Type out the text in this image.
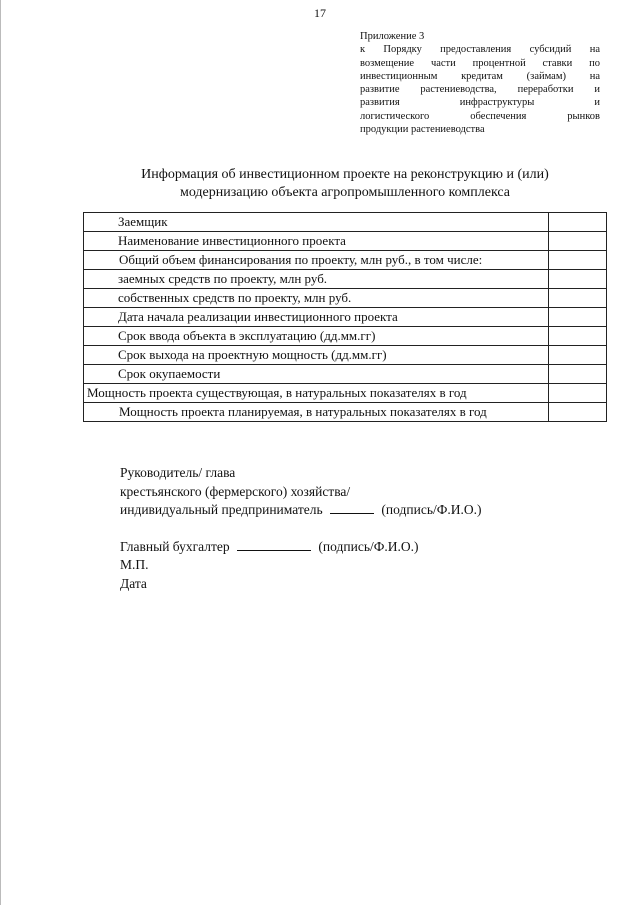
17
Приложение 3
к Порядку предоставления субсидий на
возмещение части процентной ставки по
инвестиционным кредитам (займам) на
развитие растениеводства, переработки и
развития инфраструктуры и
логистического обеспечения рынков
продукции растениеводства
Информация об инвестиционном проекте на реконструкцию и (или)
модернизацию объекта агропромышленного комплекса
Заемщик	
Наименование инвестиционного проекта	
Общий объем финансирования по проекту, млн руб., в том числе:	
заемных средств по проекту, млн руб.	
собственных средств по проекту, млн руб.	
Дата начала реализации инвестиционного проекта	
Срок ввода объекта в эксплуатацию (дд.мм.гг)	
Срок выхода на проектную мощность (дд.мм.гг)	
Срок окупаемости	
Мощность проекта существующая, в натуральных показателях в год	
Мощность проекта планируемая, в натуральных показателях в год	
Руководитель/ глава
крестьянского (фермерского) хозяйства/
индивидуальный предприниматель	(подпись/Ф.И.О.)
Главный бухгалтер	(подпись/Ф.И.О.)
М.П.
Дата
